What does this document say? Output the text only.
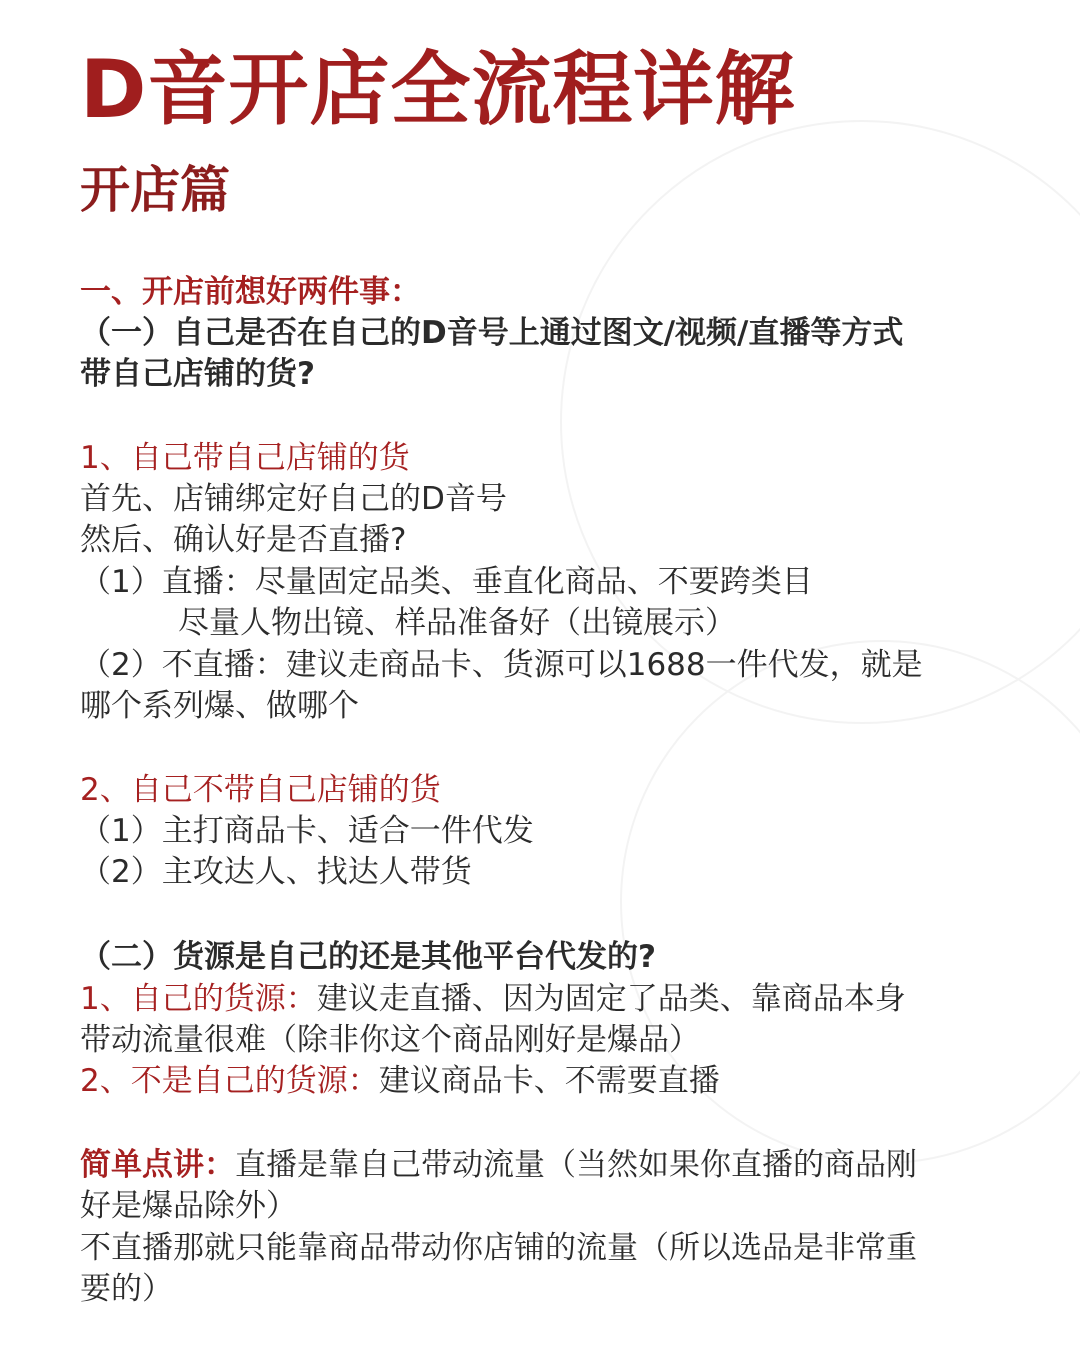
D音开店全流程详解
开店篇
一、开店前想好两件事：
（一）自己是否在自己的D音号上通过图文/视频/直播等方式
带自己店铺的货?
1、自己带自己店铺的货
首先、店铺绑定好自己的D音号
然后、确认好是否直播?
（1）直播：尽量固定品类、垂直化商品、不要跨类目
尽量人物出镜、样品准备好（出镜展示）
（2）不直播：建议走商品卡、货源可以1688一件代发，就是
哪个系列爆、做哪个
2、自己不带自己店铺的货
（1）主打商品卡、适合一件代发
（2）主攻达人、找达人带货
（二）货源是自己的还是其他平台代发的?
1、自己的货源：建议走直播、因为固定了品类、靠商品本身
带动流量很难（除非你这个商品刚好是爆品）
2、不是自己的货源：建议商品卡、不需要直播
简单点讲：直播是靠自己带动流量（当然如果你直播的商品刚
好是爆品除外）
不直播那就只能靠商品带动你店铺的流量（所以选品是非常重
要的）
